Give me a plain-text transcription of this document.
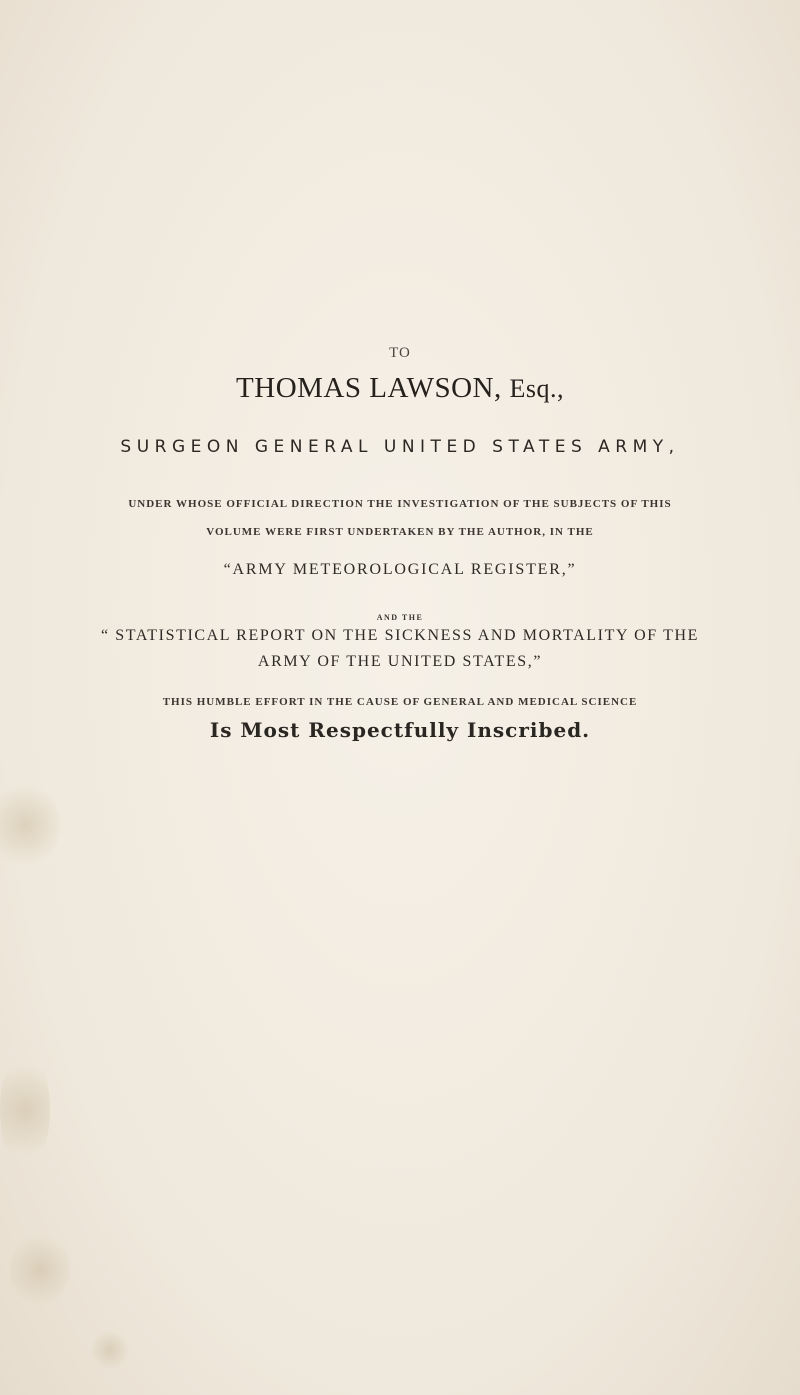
TO
THOMAS LAWSON, Esq.,
SURGEON GENERAL UNITED STATES ARMY,
UNDER WHOSE OFFICIAL DIRECTION THE INVESTIGATION OF THE SUBJECTS OF THIS
VOLUME WERE FIRST UNDERTAKEN BY THE AUTHOR, IN THE
“ARMY METEOROLOGICAL REGISTER,”
AND THE
“ STATISTICAL REPORT ON THE SICKNESS AND MORTALITY OF THE
ARMY OF THE UNITED STATES,”
THIS HUMBLE EFFORT IN THE CAUSE OF GENERAL AND MEDICAL SCIENCE
Is Most Respectfully Inscribed.
